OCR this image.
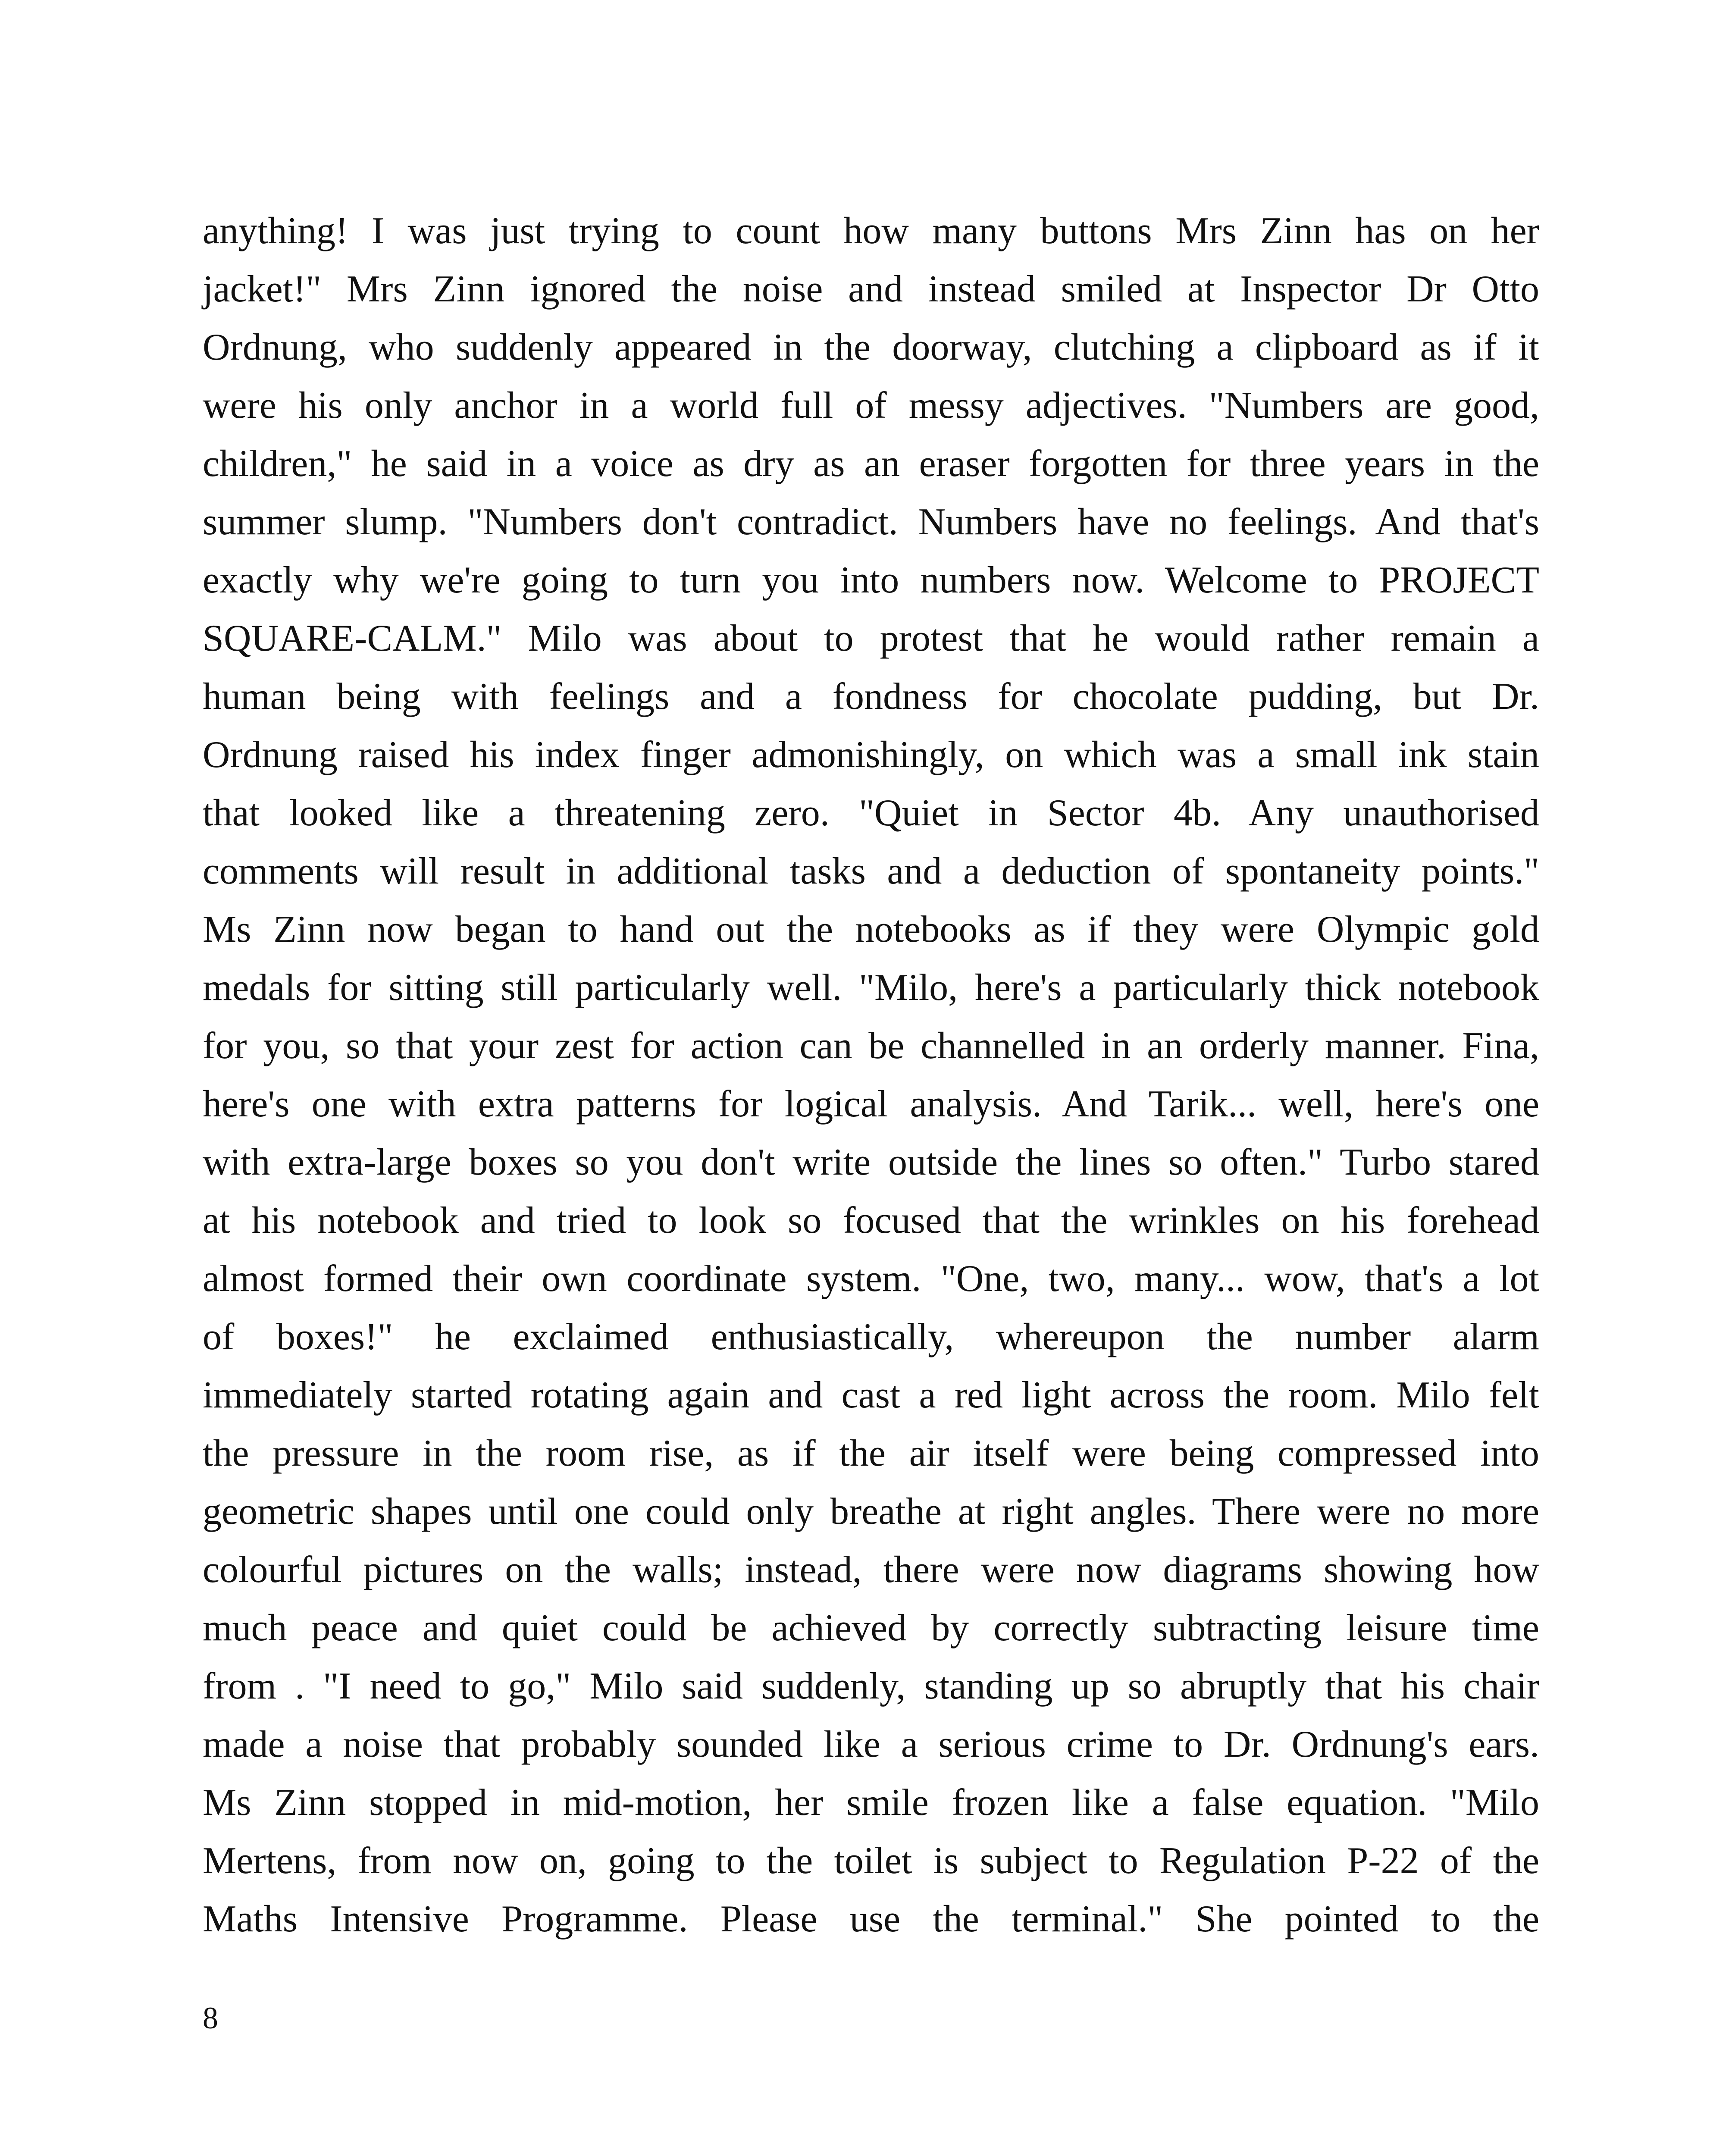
anything! I was just trying to count how many buttons Mrs Zinn has on her
jacket!" Mrs Zinn ignored the noise and instead smiled at Inspector Dr Otto
Ordnung, who suddenly appeared in the doorway, clutching a clipboard as if it
were his only anchor in a world full of messy adjectives. "Numbers are good,
children," he said in a voice as dry as an eraser forgotten for three years in the
summer slump. "Numbers don't contradict. Numbers have no feelings. And that's
exactly why we're going to turn you into numbers now. Welcome to PROJECT
SQUARE-CALM." Milo was about to protest that he would rather remain a
human being with feelings and a fondness for chocolate pudding, but Dr.
Ordnung raised his index finger admonishingly, on which was a small ink stain
that looked like a threatening zero. "Quiet in Sector 4b. Any unauthorised
comments will result in additional tasks and a deduction of spontaneity points."
Ms Zinn now began to hand out the notebooks as if they were Olympic gold
medals for sitting still particularly well. "Milo, here's a particularly thick notebook
for you, so that your zest for action can be channelled in an orderly manner. Fina,
here's one with extra patterns for logical analysis. And Tarik... well, here's one
with extra-large boxes so you don't write outside the lines so often." Turbo stared
at his notebook and tried to look so focused that the wrinkles on his forehead
almost formed their own coordinate system. "One, two, many... wow, that's a lot
of boxes!" he exclaimed enthusiastically, whereupon the number alarm
immediately started rotating again and cast a red light across the room. Milo felt
the pressure in the room rise, as if the air itself were being compressed into
geometric shapes until one could only breathe at right angles. There were no more
colourful pictures on the walls; instead, there were now diagrams showing how
much peace and quiet could be achieved by correctly subtracting leisure time
from . "I need to go," Milo said suddenly, standing up so abruptly that his chair
made a noise that probably sounded like a serious crime to Dr. Ordnung's ears.
Ms Zinn stopped in mid-motion, her smile frozen like a false equation. "Milo
Mertens, from now on, going to the toilet is subject to Regulation P-22 of the
Maths Intensive Programme. Please use the terminal." She pointed to the
8
